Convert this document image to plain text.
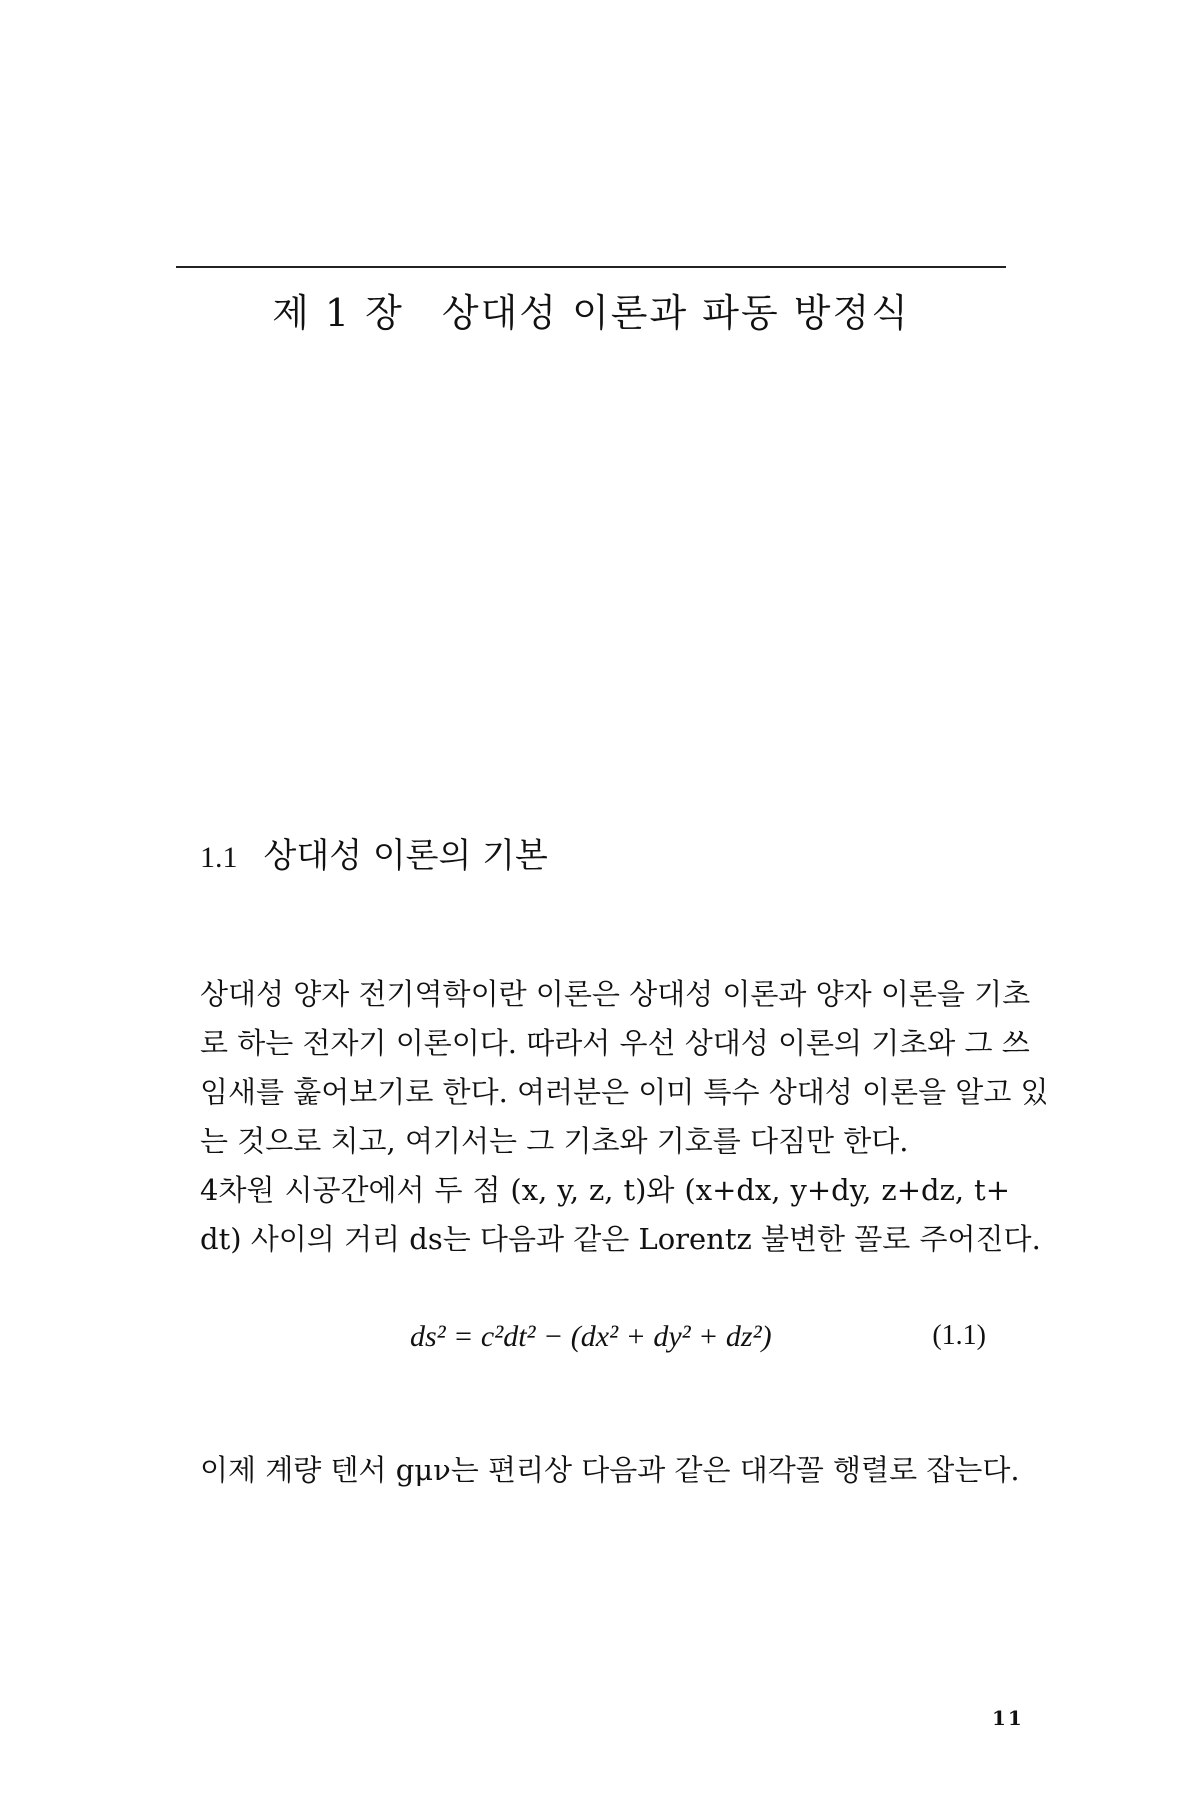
제 1 장 상대성 이론과 파동 방정식
1.1 상대성 이론의 기본
상대성 양자 전기역학이란 이론은 상대성 이론과 양자 이론을 기초
로 하는 전자기 이론이다. 따라서 우선 상대성 이론의 기초와 그 쓰
임새를 훑어보기로 한다. 여러분은 이미 특수 상대성 이론을 알고 있
는 것으로 치고, 여기서는 그 기초와 기호를 다짐만 한다.
4차원 시공간에서 두 점 (x, y, z, t)와 (x+dx, y+dy, z+dz, t+
dt) 사이의 거리 ds는 다음과 같은 Lorentz 불변한 꼴로 주어진다.
ds² = c²dt² − (dx² + dy² + dz²)	(1.1)
이제 계량 텐서 gμν는 편리상 다음과 같은 대각꼴 행렬로 잡는다.
11
